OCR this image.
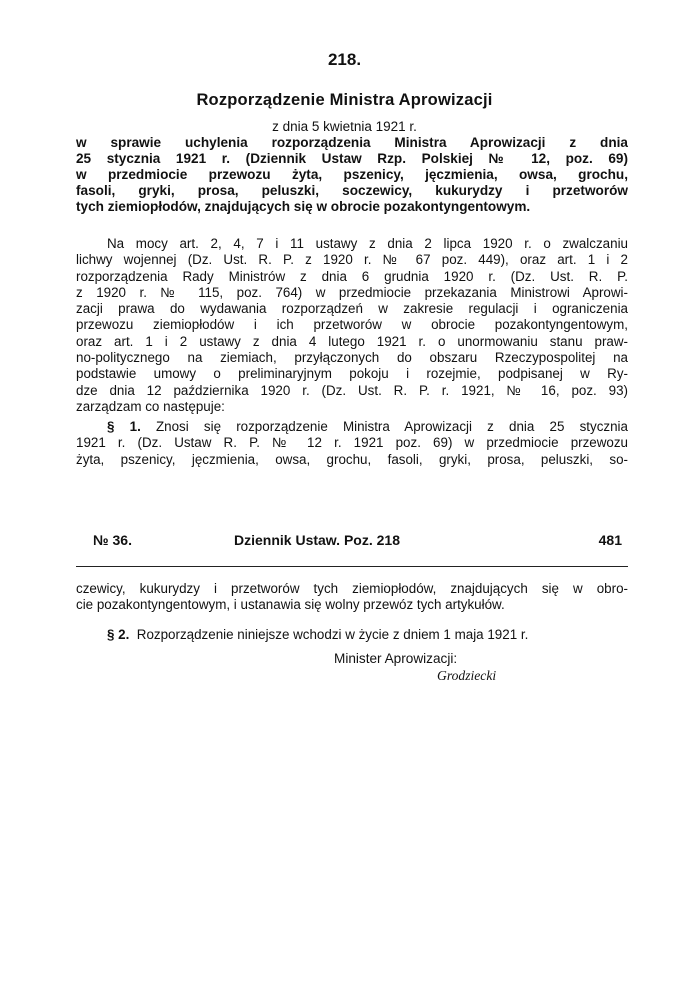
218.
Rozporządzenie Ministra Aprowizacji
z dnia 5 kwietnia 1921 r.
w sprawie uchylenia rozporządzenia Ministra Aprowizacji z dnia
25 stycznia 1921 r. (Dziennik Ustaw Rzp. Polskiej № 12, poz. 69)
w przedmiocie przewozu żyta, pszenicy, jęczmienia, owsa, grochu,
fasoli, gryki, prosa, peluszki, soczewicy, kukurydzy i przetworów
tych ziemiopłodów, znajdujących się w obrocie pozakontyngentowym.
Na mocy art. 2, 4, 7 i 11 ustawy z dnia 2 lipca 1920 r. o zwalczaniu
lichwy wojennej (Dz. Ust. R. P. z 1920 r. № 67 poz. 449), oraz art. 1 i 2
rozporządzenia Rady Ministrów z dnia 6 grudnia 1920 r. (Dz. Ust. R. P.
z 1920 r. № 115, poz. 764) w przedmiocie przekazania Ministrowi Aprowi-
zacji prawa do wydawania rozporządzeń w zakresie regulacji i ograniczenia
przewozu ziemiopłodów i ich przetworów w obrocie pozakontyngentowym,
oraz art. 1 i 2 ustawy z dnia 4 lutego 1921 r. o unormowaniu stanu praw-
no-politycznego na ziemiach, przyłączonych do obszaru Rzeczypospolitej na
podstawie umowy o preliminaryjnym pokoju i rozejmie, podpisanej w Ry-
dze dnia 12 października 1920 r. (Dz. Ust. R. P. r. 1921, № 16, poz. 93)
zarządzam co następuje:
§ 1. Znosi się rozporządzenie Ministra Aprowizacji z dnia 25 stycznia
1921 r. (Dz. Ustaw R. P. № 12 r. 1921 poz. 69) w przedmiocie przewozu
żyta, pszenicy, jęczmienia, owsa, grochu, fasoli, gryki, prosa, peluszki, so-
№ 36.	Dziennik Ustaw. Poz. 218	481
czewicy, kukurydzy i przetworów tych ziemiopłodów, znajdujących się w obro-
cie pozakontyngentowym, i ustanawia się wolny przewóz tych artykułów.
§ 2. Rozporządzenie niniejsze wchodzi w życie z dniem 1 maja 1921 r.
Minister Aprowizacji:
Grodziecki
